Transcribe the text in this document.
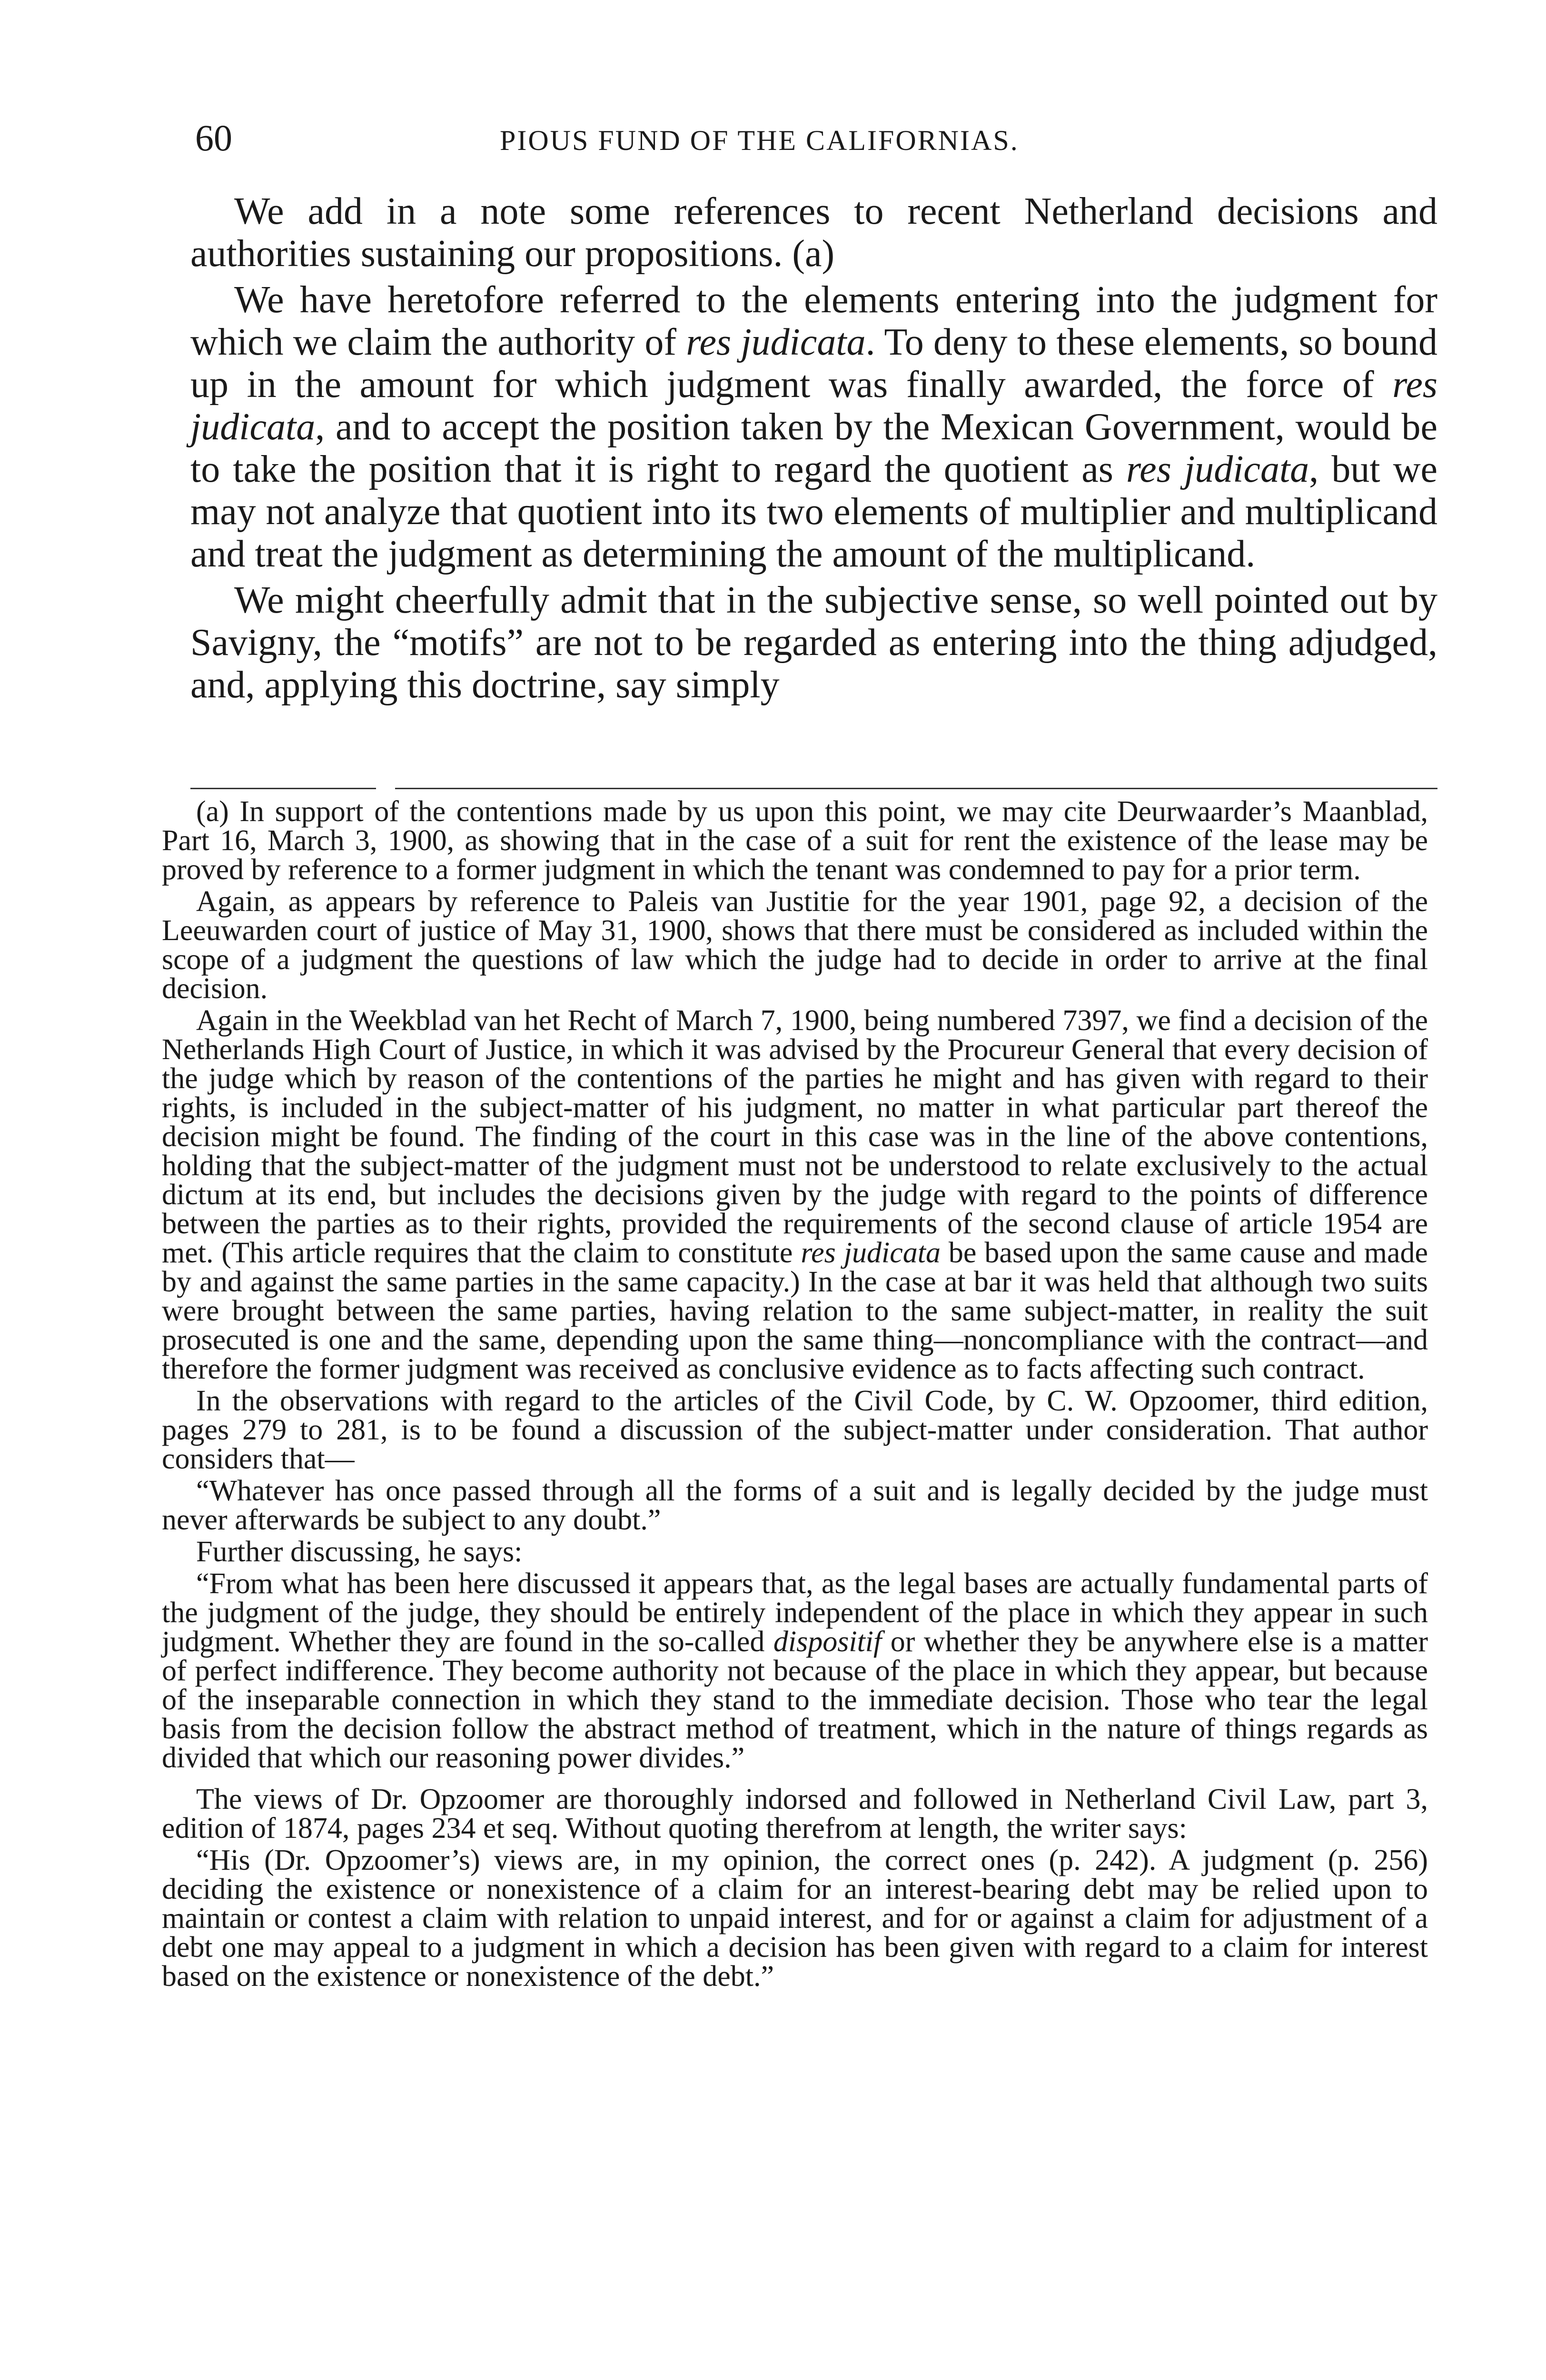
60	PIOUS FUND OF THE CALIFORNIAS.

We add in a note some references to recent Netherland decisions and authorities sustaining our propositions. (a)

We have heretofore referred to the elements entering into the judgment for which we claim the authority of res judicata. To deny to these elements, so bound up in the amount for which judgment was finally awarded, the force of res judicata, and to accept the position taken by the Mexican Government, would be to take the position that it is right to regard the quotient as res judicata, but we may not analyze that quotient into its two elements of multiplier and multiplicand and treat the judgment as determining the amount of the multiplicand.

We might cheerfully admit that in the subjective sense, so well pointed out by Savigny, the “motifs” are not to be regarded as entering into the thing adjudged, and, applying this doctrine, say simply

(a) In support of the contentions made by us upon this point, we may cite Deurwaarder’s Maanblad, Part 16, March 3, 1900, as showing that in the case of a suit for rent the existence of the lease may be proved by reference to a former judgment in which the tenant was condemned to pay for a prior term.

Again, as appears by reference to Paleis van Justitie for the year 1901, page 92, a decision of the Leeuwarden court of justice of May 31, 1900, shows that there must be considered as included within the scope of a judgment the questions of law which the judge had to decide in order to arrive at the final decision.

Again in the Weekblad van het Recht of March 7, 1900, being numbered 7397, we find a decision of the Netherlands High Court of Justice, in which it was advised by the Procureur General that every decision of the judge which by reason of the contentions of the parties he might and has given with regard to their rights, is included in the subject-matter of his judgment, no matter in what particular part thereof the decision might be found. The finding of the court in this case was in the line of the above contentions, holding that the subject-matter of the judgment must not be understood to relate exclusively to the actual dictum at its end, but includes the decisions given by the judge with regard to the points of difference between the parties as to their rights, provided the requirements of the second clause of article 1954 are met. (This article requires that the claim to constitute res judicata be based upon the same cause and made by and against the same parties in the same capacity.) In the case at bar it was held that although two suits were brought between the same parties, having relation to the same subject-matter, in reality the suit prosecuted is one and the same, depending upon the same thing—noncompliance with the contract—and therefore the former judgment was received as conclusive evidence as to facts affecting such contract.

In the observations with regard to the articles of the Civil Code, by C. W. Opzoomer, third edition, pages 279 to 281, is to be found a discussion of the subject-matter under consideration. That author considers that—

“Whatever has once passed through all the forms of a suit and is legally decided by the judge must never afterwards be subject to any doubt.”

Further discussing, he says:

“From what has been here discussed it appears that, as the legal bases are actually fundamental parts of the judgment of the judge, they should be entirely independent of the place in which they appear in such judgment. Whether they are found in the so-called dispositif or whether they be anywhere else is a matter of perfect indifference. They become authority not because of the place in which they appear, but because of the inseparable connection in which they stand to the immediate decision. Those who tear the legal basis from the decision follow the abstract method of treatment, which in the nature of things regards as divided that which our reasoning power divides.”

The views of Dr. Opzoomer are thoroughly indorsed and followed in Netherland Civil Law, part 3, edition of 1874, pages 234 et seq. Without quoting therefrom at length, the writer says:

“His (Dr. Opzoomer’s) views are, in my opinion, the correct ones (p. 242). A judgment (p. 256) deciding the existence or nonexistence of a claim for an interest-bearing debt may be relied upon to maintain or contest a claim with relation to unpaid interest, and for or against a claim for adjustment of a debt one may appeal to a judgment in which a decision has been given with regard to a claim for interest based on the existence or nonexistence of the debt.”
